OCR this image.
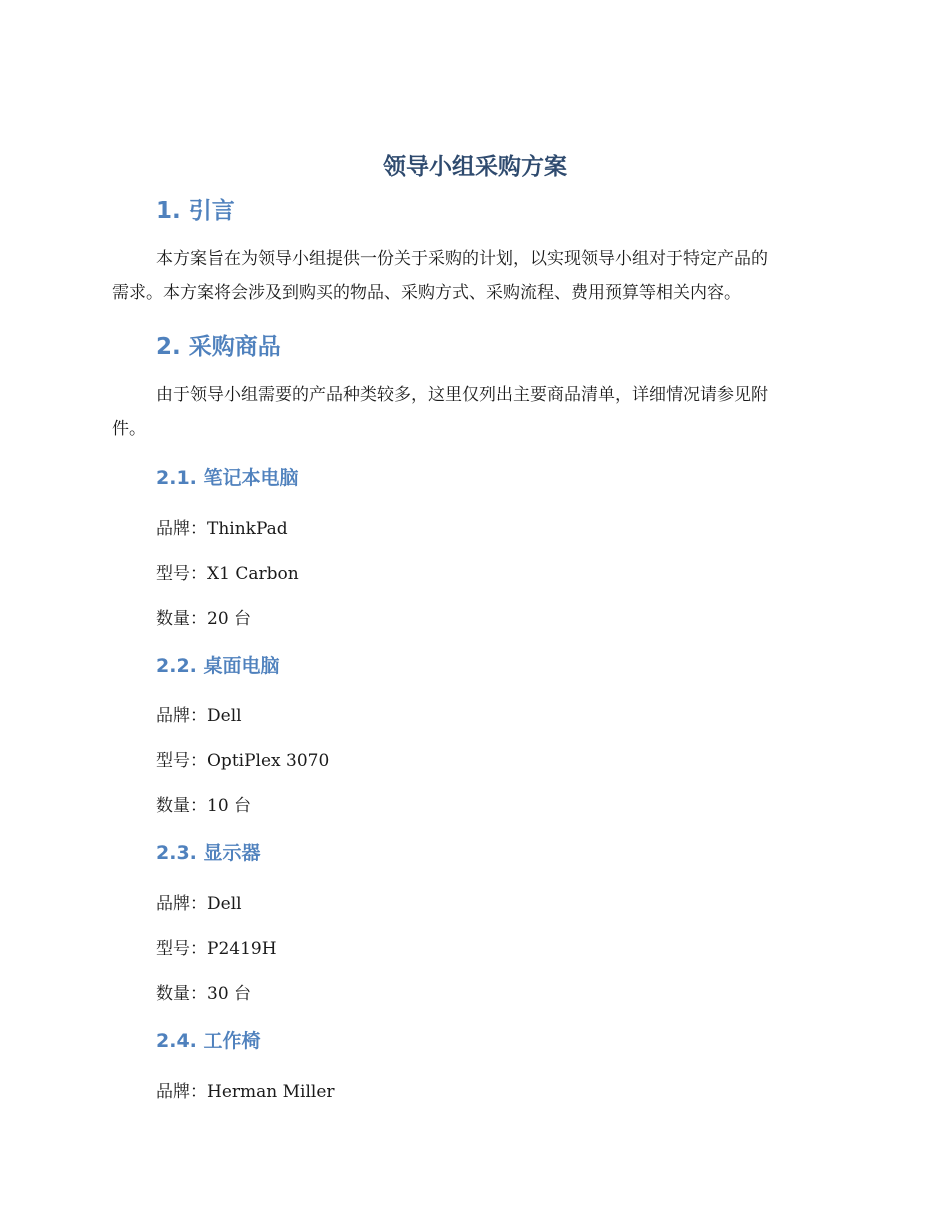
领导小组采购方案
1. 引言

本方案旨在为领导小组提供一份关于采购的计划，以实现领导小组对于特定产品的
需求。本方案将会涉及到购买的物品、采购方式、采购流程、费用预算等相关内容。

2. 采购商品

由于领导小组需要的产品种类较多，这里仅列出主要商品清单，详细情况请参见附
件。

2.1. 笔记本电脑

品牌：ThinkPad

型号：X1 Carbon

数量：20 台

2.2. 桌面电脑

品牌：Dell

型号：OptiPlex 3070

数量：10 台

2.3. 显示器

品牌：Dell

型号：P2419H

数量：30 台

2.4. 工作椅

品牌：Herman Miller
